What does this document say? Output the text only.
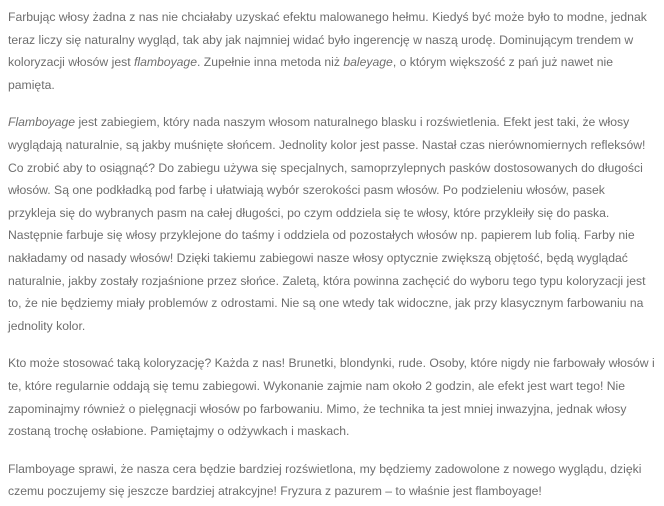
Farbując włosy żadna z nas nie chciałaby uzyskać efektu malowanego hełmu. Kiedyś być może było to modne, jednak teraz liczy się naturalny wygląd, tak aby jak najmniej widać było ingerencję w naszą urodę. Dominującym trendem w koloryzacji włosów jest flamboyage. Zupełnie inna metoda niż baleyage, o którym większość z pań już nawet nie pamięta.

Flamboyage jest zabiegiem, który nada naszym włosom naturalnego blasku i rozświetlenia. Efekt jest taki, że włosy wyglądają naturalnie, są jakby muśnięte słońcem. Jednolity kolor jest passe. Nastał czas nierównomiernych refleksów! Co zrobić aby to osiągnąć? Do zabiegu używa się specjalnych, samoprzylepnych pasków dostosowanych do długości włosów. Są one podkładką pod farbę i ułatwiają wybór szerokości pasm włosów. Po podzieleniu włosów, pasek przykleja się do wybranych pasm na całej długości, po czym oddziela się te włosy, które przykleiły się do paska. Następnie farbuje się włosy przyklejone do taśmy i oddziela od pozostałych włosów np. papierem lub folią. Farby nie nakładamy od nasady włosów! Dzięki takiemu zabiegowi nasze włosy optycznie zwiększą objętość, będą wyglądać naturalnie, jakby zostały rozjaśnione przez słońce. Zaletą, która powinna zachęcić do wyboru tego typu koloryzacji jest to, że nie będziemy miały problemów z odrostami. Nie są one wtedy tak widoczne, jak przy klasycznym farbowaniu na jednolity kolor.

Kto może stosować taką koloryzację? Każda z nas! Brunetki, blondynki, rude. Osoby, które nigdy nie farbowały włosów i te, które regularnie oddają się temu zabiegowi. Wykonanie zajmie nam około 2 godzin, ale efekt jest wart tego! Nie zapominajmy również o pielęgnacji włosów po farbowaniu. Mimo, że technika ta jest mniej inwazyjna, jednak włosy zostaną trochę osłabione. Pamiętajmy o odżywkach i maskach.

Flamboyage sprawi, że nasza cera będzie bardziej rozświetlona, my będziemy zadowolone z nowego wyglądu, dzięki czemu poczujemy się jeszcze bardziej atrakcyjne! Fryzura z pazurem – to właśnie jest flamboyage!
